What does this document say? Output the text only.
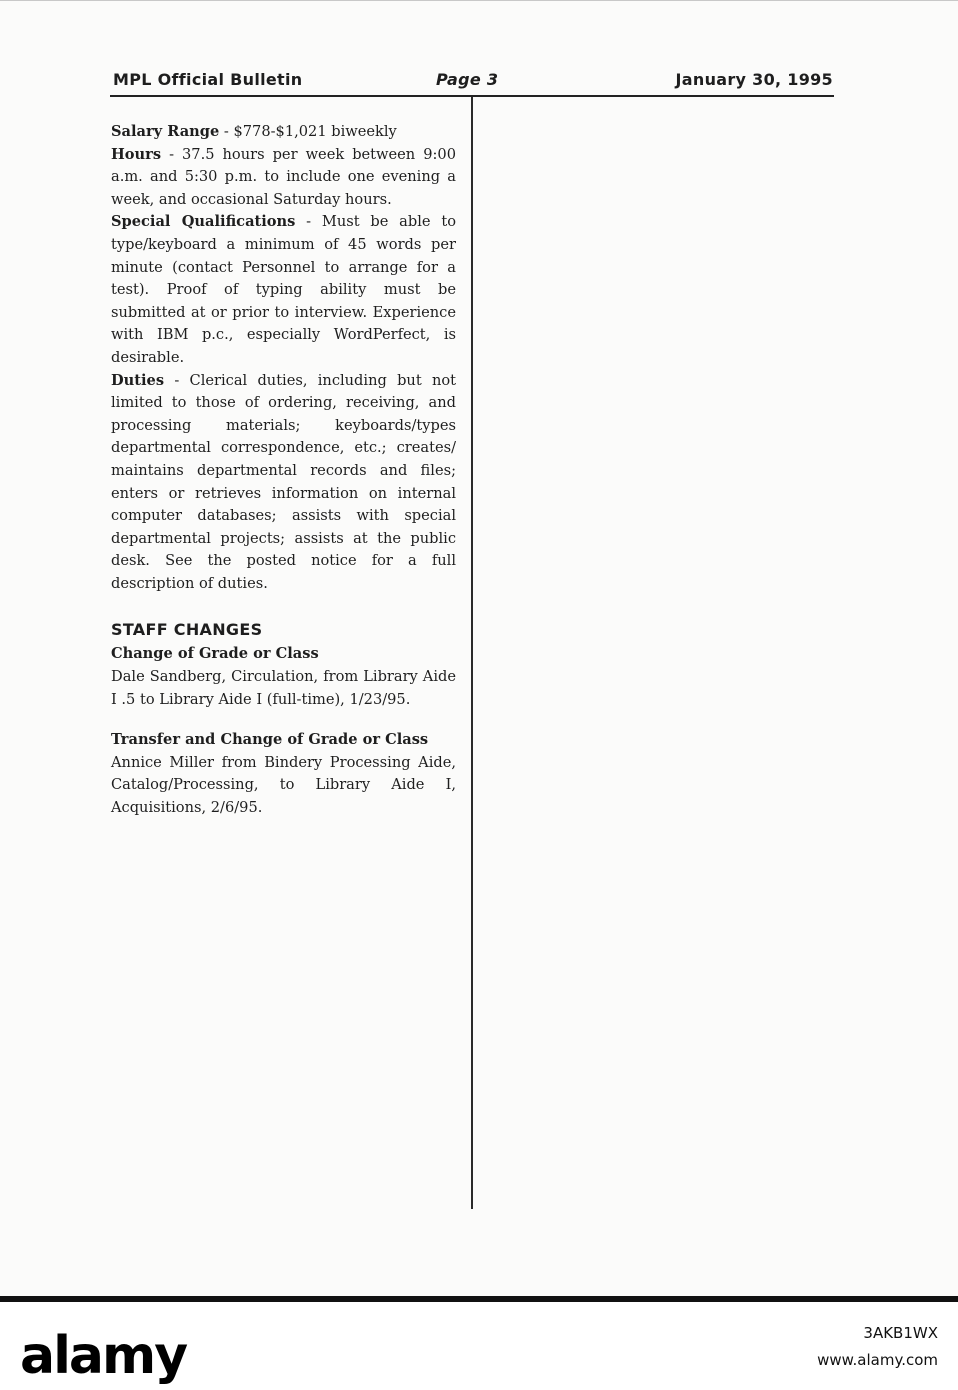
MPL Official Bulletin	Page 3	January 30, 1995

Salary Range - $778-$1,021 biweekly

Hours - 37.5 hours per week between 9:00 a.m. and 5:30 p.m. to include one evening a week, and occasional Saturday hours.

Special Qualifications - Must be able to type/keyboard a minimum of 45 words per minute (contact Personnel to arrange for a test). Proof of typing ability must be submitted at or prior to interview. Experience with IBM p.c., especially WordPerfect, is desirable.

Duties - Clerical duties, including but not limited to those of ordering, receiving, and processing materials; keyboards/types departmental correspondence, etc.; creates/ maintains departmental records and files; enters or retrieves information on internal computer databases; assists with special departmental projects; assists at the public desk. See the posted notice for a full description of duties.

STAFF CHANGES

Change of Grade or Class

Dale Sandberg, Circulation, from Library Aide I .5 to Library Aide I (full-time), 1/23/95.

Transfer and Change of Grade or Class

Annice Miller from Bindery Processing Aide, Catalog/Processing, to Library Aide I, Acquisitions, 2/6/95.

alamy	3AKB1WX
www.alamy.com
